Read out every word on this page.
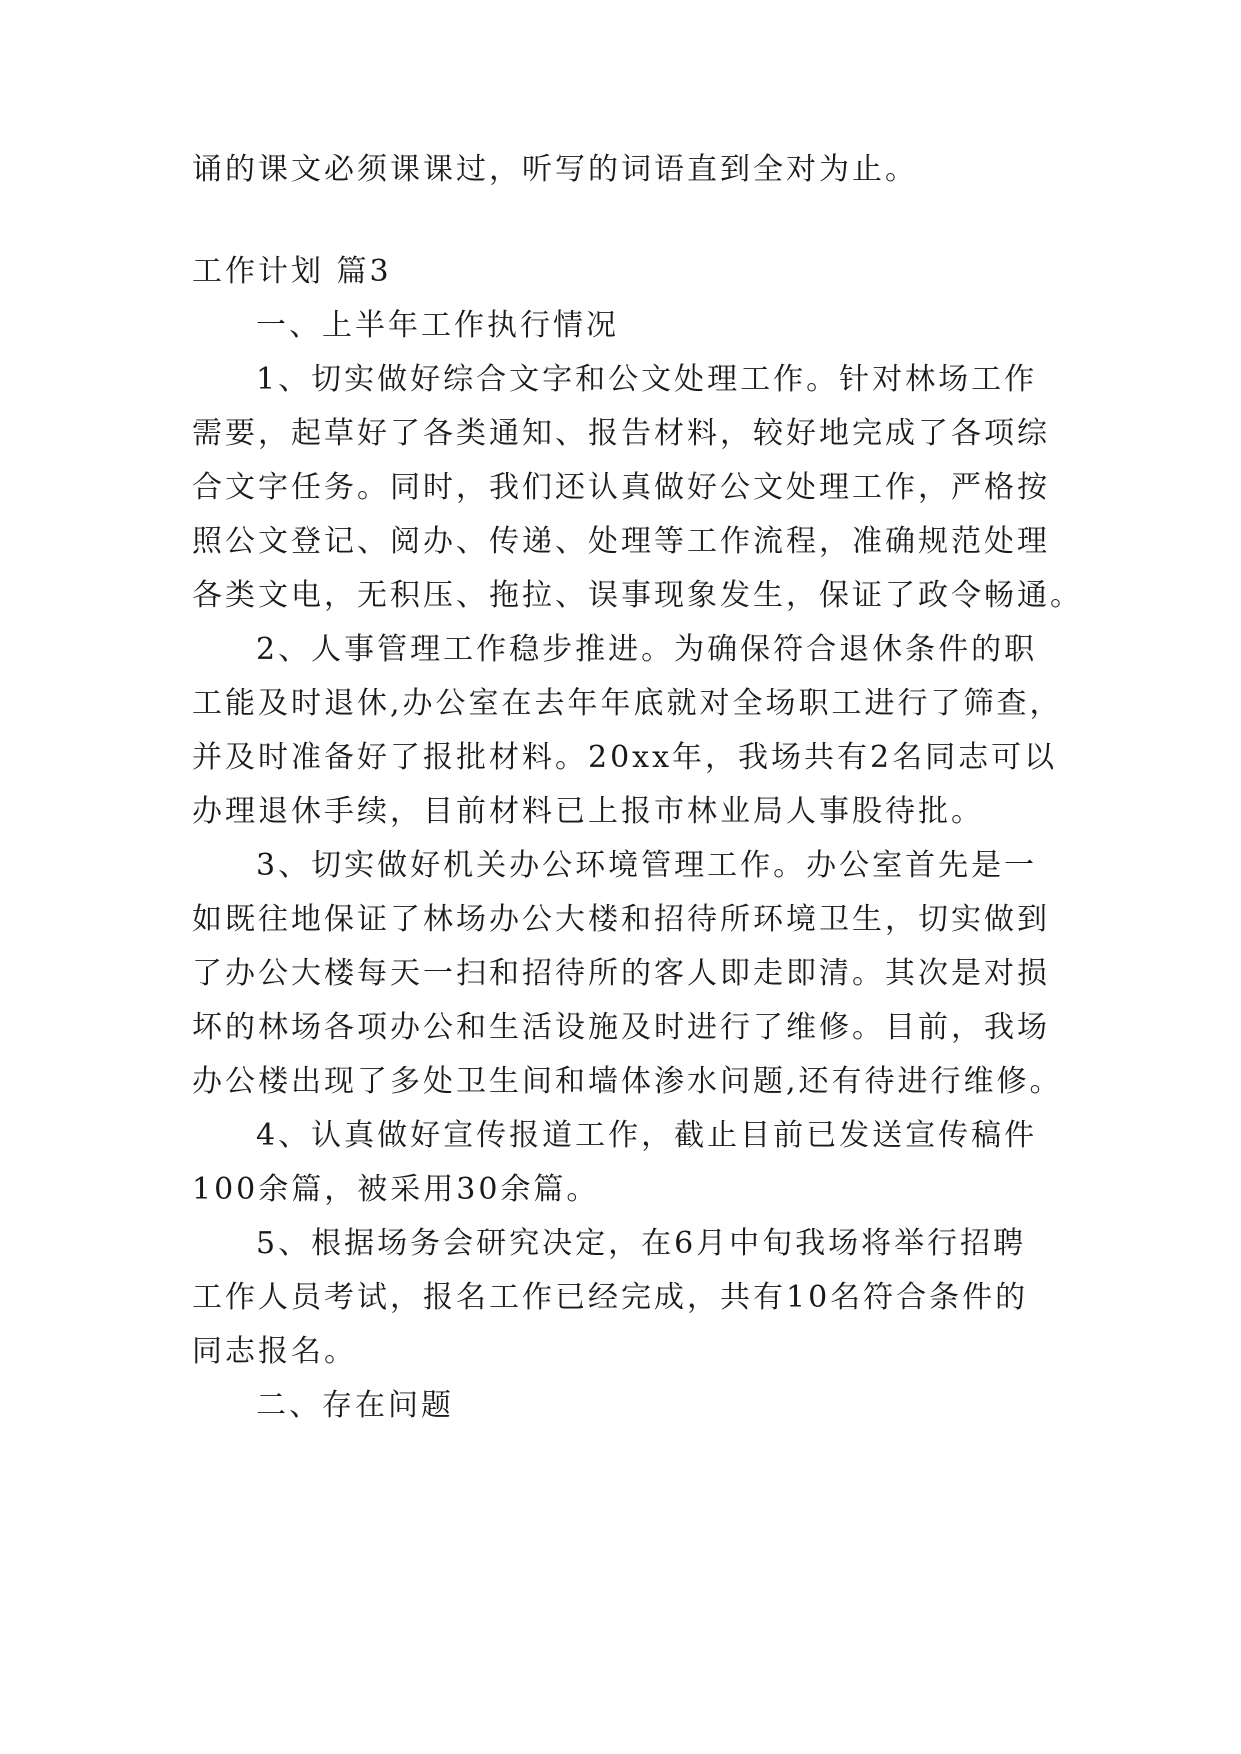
诵的课文必须课课过，听写的词语直到全对为止。
工作计划 篇3
一、上半年工作执行情况
1、切实做好综合文字和公文处理工作。针对林场工作
需要，起草好了各类通知、报告材料，较好地完成了各项综
合文字任务。同时，我们还认真做好公文处理工作，严格按
照公文登记、阅办、传递、处理等工作流程，准确规范处理
各类文电，无积压、拖拉、误事现象发生，保证了政令畅通。
2、人事管理工作稳步推进。为确保符合退休条件的职
工能及时退休,办公室在去年年底就对全场职工进行了筛查，
并及时准备好了报批材料。20xx年，我场共有2名同志可以
办理退休手续，目前材料已上报市林业局人事股待批。
3、切实做好机关办公环境管理工作。办公室首先是一
如既往地保证了林场办公大楼和招待所环境卫生，切实做到
了办公大楼每天一扫和招待所的客人即走即清。其次是对损
坏的林场各项办公和生活设施及时进行了维修。目前，我场
办公楼出现了多处卫生间和墙体渗水问题,还有待进行维修。
4、认真做好宣传报道工作，截止目前已发送宣传稿件
100余篇，被采用30余篇。
5、根据场务会研究决定，在6月中旬我场将举行招聘
工作人员考试，报名工作已经完成，共有10名符合条件的
同志报名。
二、存在问题
